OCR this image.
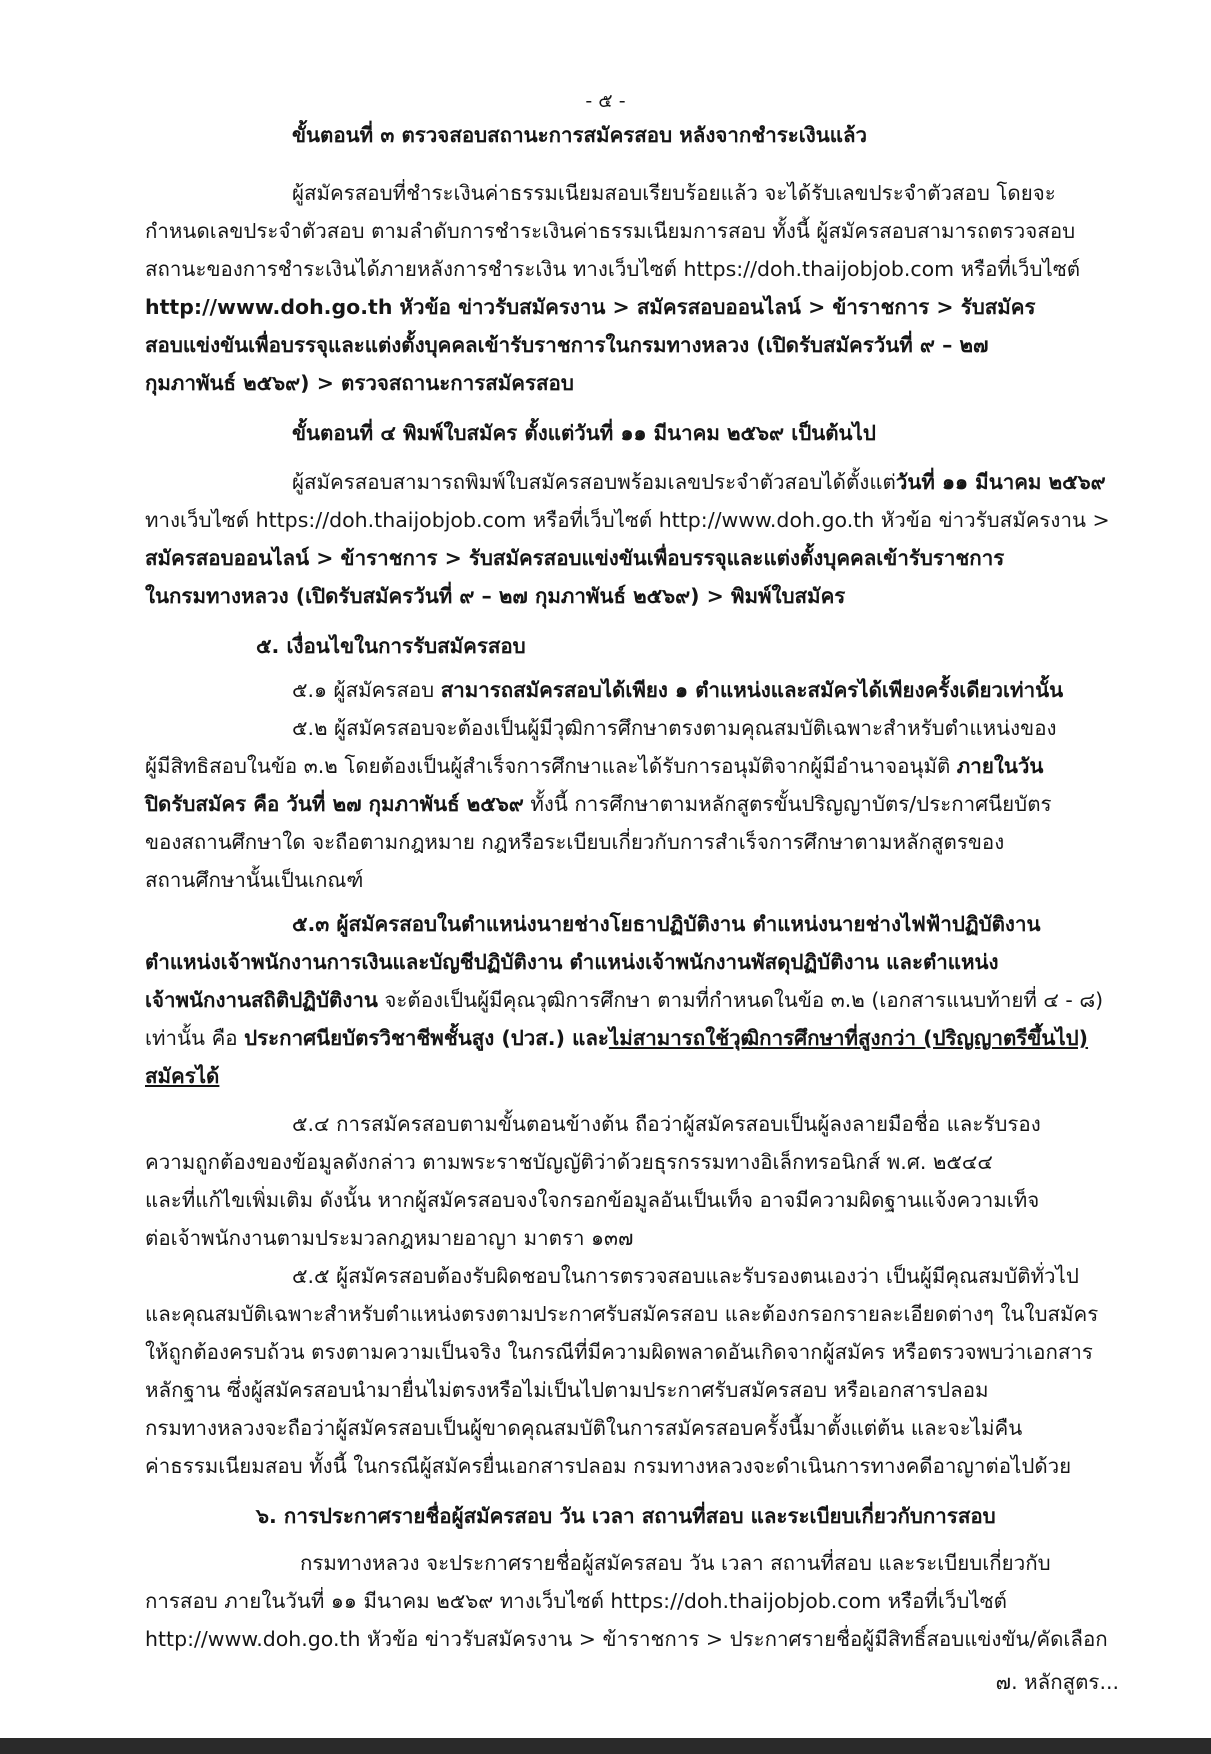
- ๕ -
ขั้นตอนที่ ๓ ตรวจสอบสถานะการสมัครสอบ หลังจากชำระเงินแล้ว
ผู้สมัครสอบที่ชำระเงินค่าธรรมเนียมสอบเรียบร้อยแล้ว จะได้รับเลขประจำตัวสอบ โดยจะ
กำหนดเลขประจำตัวสอบ ตามลำดับการชำระเงินค่าธรรมเนียมการสอบ ทั้งนี้ ผู้สมัครสอบสามารถตรวจสอบ
สถานะของการชำระเงินได้ภายหลังการชำระเงิน ทางเว็บไซต์ https://doh.thaijobjob.com หรือที่เว็บไซต์
http://www.doh.go.th หัวข้อ ข่าวรับสมัครงาน > สมัครสอบออนไลน์ > ข้าราชการ > รับสมัคร
สอบแข่งขันเพื่อบรรจุและแต่งตั้งบุคคลเข้ารับราชการในกรมทางหลวง (เปิดรับสมัครวันที่ ๙ – ๒๗
กุมภาพันธ์ ๒๕๖๙) > ตรวจสถานะการสมัครสอบ
ขั้นตอนที่ ๔ พิมพ์ใบสมัคร ตั้งแต่วันที่ ๑๑ มีนาคม ๒๕๖๙ เป็นต้นไป
ผู้สมัครสอบสามารถพิมพ์ใบสมัครสอบพร้อมเลขประจำตัวสอบได้ตั้งแต่วันที่ ๑๑ มีนาคม ๒๕๖๙
ทางเว็บไซต์ https://doh.thaijobjob.com หรือที่เว็บไซต์ http://www.doh.go.th หัวข้อ ข่าวรับสมัครงาน >
สมัครสอบออนไลน์ > ข้าราชการ > รับสมัครสอบแข่งขันเพื่อบรรจุและแต่งตั้งบุคคลเข้ารับราชการ
ในกรมทางหลวง (เปิดรับสมัครวันที่ ๙ – ๒๗ กุมภาพันธ์ ๒๕๖๙) > พิมพ์ใบสมัคร
๕. เงื่อนไขในการรับสมัครสอบ
๕.๑ ผู้สมัครสอบ สามารถสมัครสอบได้เพียง ๑ ตำแหน่งและสมัครได้เพียงครั้งเดียวเท่านั้น
๕.๒ ผู้สมัครสอบจะต้องเป็นผู้มีวุฒิการศึกษาตรงตามคุณสมบัติเฉพาะสำหรับตำแหน่งของ
ผู้มีสิทธิสอบในข้อ ๓.๒ โดยต้องเป็นผู้สำเร็จการศึกษาและได้รับการอนุมัติจากผู้มีอำนาจอนุมัติ ภายในวัน
ปิดรับสมัคร คือ วันที่ ๒๗ กุมภาพันธ์ ๒๕๖๙ ทั้งนี้ การศึกษาตามหลักสูตรขั้นปริญญาบัตร/ประกาศนียบัตร
ของสถานศึกษาใด จะถือตามกฎหมาย กฎหรือระเบียบเกี่ยวกับการสำเร็จการศึกษาตามหลักสูตรของ
สถานศึกษานั้นเป็นเกณฑ์
๕.๓ ผู้สมัครสอบในตำแหน่งนายช่างโยธาปฏิบัติงาน ตำแหน่งนายช่างไฟฟ้าปฏิบัติงาน
ตำแหน่งเจ้าพนักงานการเงินและบัญชีปฏิบัติงาน ตำแหน่งเจ้าพนักงานพัสดุปฏิบัติงาน และตำแหน่ง
เจ้าพนักงานสถิติปฏิบัติงาน จะต้องเป็นผู้มีคุณวุฒิการศึกษา ตามที่กำหนดในข้อ ๓.๒ (เอกสารแนบท้ายที่ ๔ - ๘)
เท่านั้น คือ ประกาศนียบัตรวิชาชีพชั้นสูง (ปวส.) และไม่สามารถใช้วุฒิการศึกษาที่สูงกว่า (ปริญญาตรีขึ้นไป)
สมัครได้
๕.๔ การสมัครสอบตามขั้นตอนข้างต้น ถือว่าผู้สมัครสอบเป็นผู้ลงลายมือชื่อ และรับรอง
ความถูกต้องของข้อมูลดังกล่าว ตามพระราชบัญญัติว่าด้วยธุรกรรมทางอิเล็กทรอนิกส์ พ.ศ. ๒๕๔๔
และที่แก้ไขเพิ่มเติม ดังนั้น หากผู้สมัครสอบจงใจกรอกข้อมูลอันเป็นเท็จ อาจมีความผิดฐานแจ้งความเท็จ
ต่อเจ้าพนักงานตามประมวลกฎหมายอาญา มาตรา ๑๓๗
๕.๕ ผู้สมัครสอบต้องรับผิดชอบในการตรวจสอบและรับรองตนเองว่า เป็นผู้มีคุณสมบัติทั่วไป
และคุณสมบัติเฉพาะสำหรับตำแหน่งตรงตามประกาศรับสมัครสอบ และต้องกรอกรายละเอียดต่างๆ ในใบสมัคร
ให้ถูกต้องครบถ้วน ตรงตามความเป็นจริง ในกรณีที่มีความผิดพลาดอันเกิดจากผู้สมัคร หรือตรวจพบว่าเอกสาร
หลักฐาน ซึ่งผู้สมัครสอบนำมายื่นไม่ตรงหรือไม่เป็นไปตามประกาศรับสมัครสอบ หรือเอกสารปลอม
กรมทางหลวงจะถือว่าผู้สมัครสอบเป็นผู้ขาดคุณสมบัติในการสมัครสอบครั้งนี้มาตั้งแต่ต้น และจะไม่คืน
ค่าธรรมเนียมสอบ ทั้งนี้ ในกรณีผู้สมัครยื่นเอกสารปลอม กรมทางหลวงจะดำเนินการทางคดีอาญาต่อไปด้วย
๖. การประกาศรายชื่อผู้สมัครสอบ วัน เวลา สถานที่สอบ และระเบียบเกี่ยวกับการสอบ
กรมทางหลวง จะประกาศรายชื่อผู้สมัครสอบ วัน เวลา สถานที่สอบ และระเบียบเกี่ยวกับ
การสอบ ภายในวันที่ ๑๑ มีนาคม ๒๕๖๙ ทางเว็บไซต์ https://doh.thaijobjob.com หรือที่เว็บไซต์
http://www.doh.go.th หัวข้อ ข่าวรับสมัครงาน > ข้าราชการ > ประกาศรายชื่อผู้มีสิทธิ์สอบแข่งขัน/คัดเลือก
๗. หลักสูตร...
